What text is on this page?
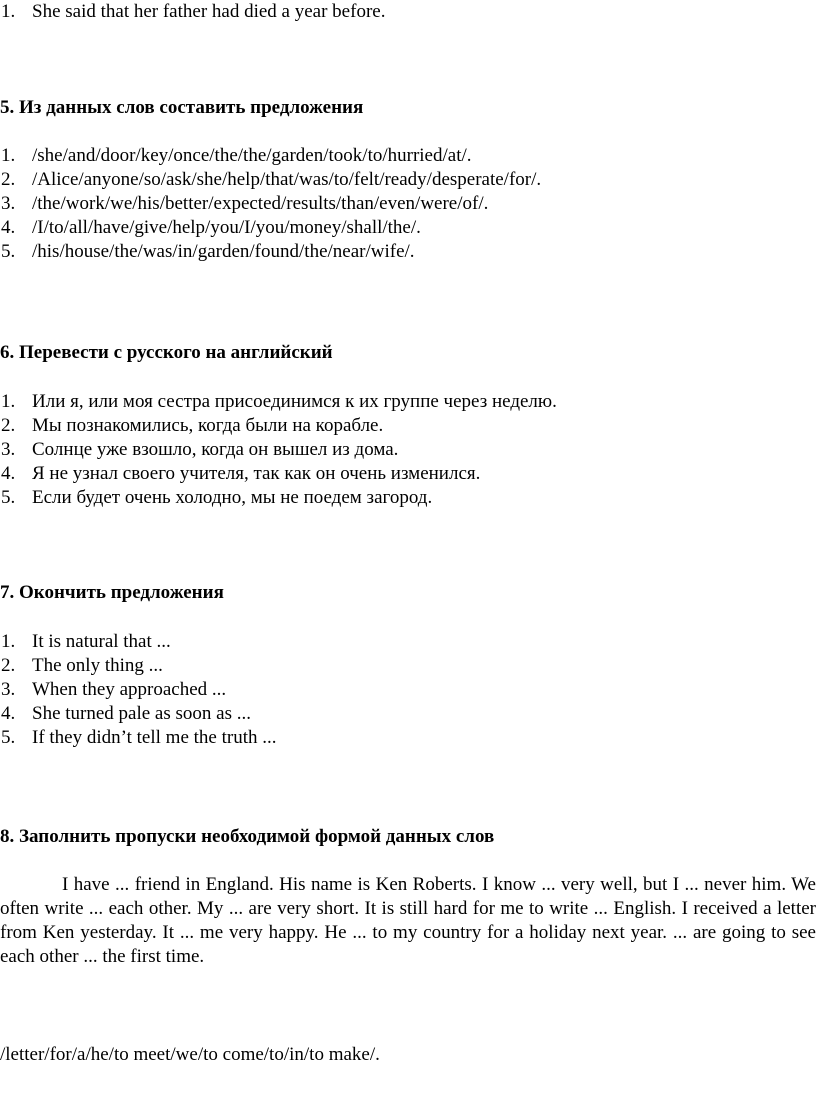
1. She said that her father had died a year before.

5. Из данных слов составить предложения

1. /she/and/door/key/once/the/the/garden/took/to/hurried/at/.
2. /Alice/anyone/so/ask/she/help/that/was/to/felt/ready/desperate/for/.
3. /the/work/we/his/better/expected/results/than/even/were/of/.
4. /I/to/all/have/give/help/you/I/you/money/shall/the/.
5. /his/house/the/was/in/garden/found/the/near/wife/.

6. Перевести с русского на английский

1. Или я, или моя сестра присоединимся к их группе через неделю.
2. Мы познакомились, когда были на корабле.
3. Солнце уже взошло, когда он вышел из дома.
4. Я не узнал своего учителя, так как он очень изменился.
5. Если будет очень холодно, мы не поедем загород.

7. Окончить предложения

1. It is natural that ...
2. The only thing ...
3. When they approached ...
4. She turned pale as soon as ...
5. If they didn’t tell me the truth ...

8. Заполнить пропуски необходимой формой данных слов

I have ... friend in England. His name is Ken Roberts. I know ... very well, but I ... never him. We often write ... each other. My ... are very short. It is still hard for me to write ... English. I received a letter from Ken yesterday. It ... me very happy. He ... to my country for a holiday next year. ... are going to see each other ... the first time.

/letter/for/a/he/to meet/we/to come/to/in/to make/.
